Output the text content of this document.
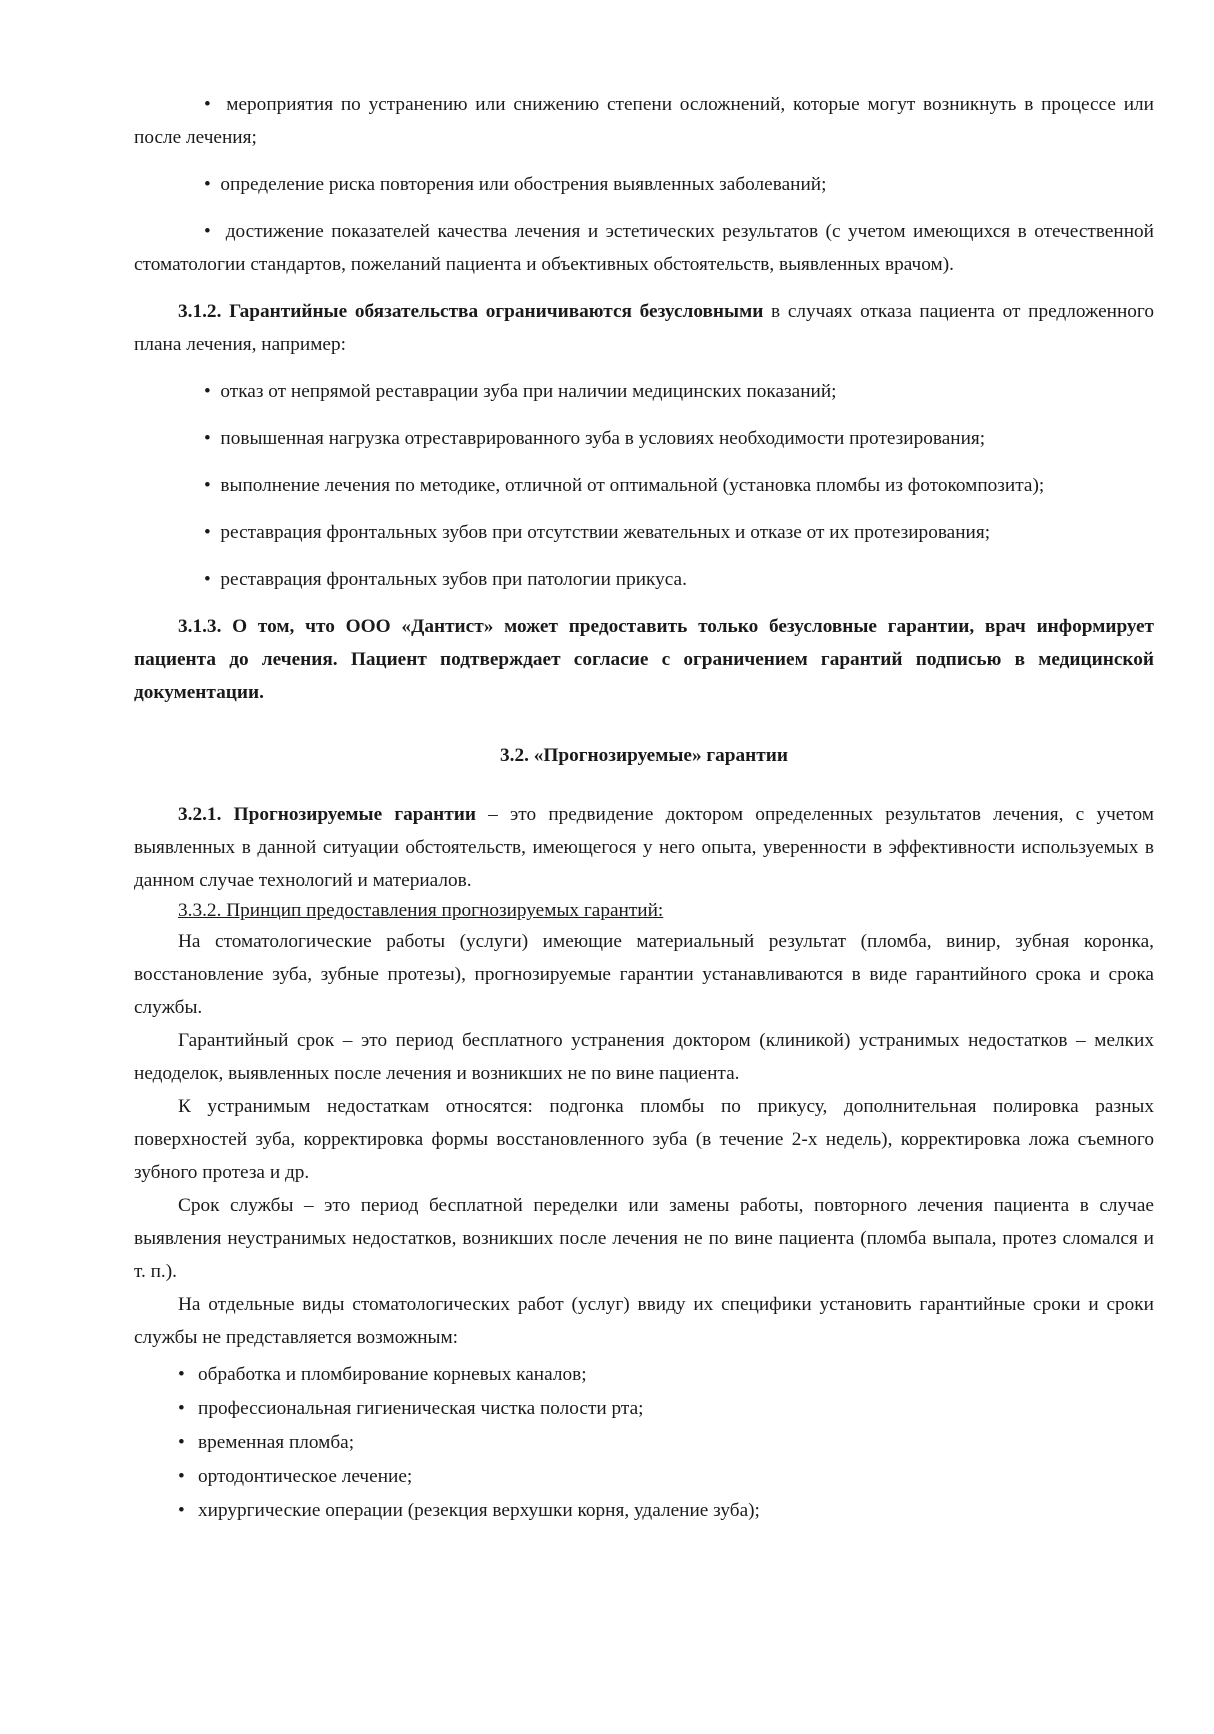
•  мероприятия по устранению или снижению степени осложнений, которые могут возникнуть в процессе или после лечения;

•  определение риска повторения или обострения выявленных заболеваний;

•  достижение показателей качества лечения и эстетических результатов (с учетом имеющихся в отечественной стоматологии стандартов, пожеланий пациента и объективных обстоятельств, выявленных врачом).

3.1.2. Гарантийные обязательства ограничиваются безусловными в случаях отказа пациента от предложенного плана лечения, например:

•  отказ от непрямой реставрации зуба при наличии медицинских показаний;

•  повышенная нагрузка отреставрированного зуба в условиях необходимости протезирования;

•  выполнение лечения по методике, отличной от оптимальной (установка пломбы из фотокомпозита);

•  реставрация фронтальных зубов при отсутствии жевательных и отказе от их протезирования;

•  реставрация фронтальных зубов при патологии прикуса.

3.1.3. О том, что ООО «Дантист» может предоставить только безусловные гарантии, врач информирует пациента до лечения. Пациент подтверждает согласие с ограничением гарантий подписью в медицинской документации.

3.2. «Прогнозируемые» гарантии

3.2.1. Прогнозируемые гарантии – это предвидение доктором определенных результатов лечения, с учетом выявленных в данной ситуации обстоятельств, имеющегося у него опыта, уверенности в эффективности используемых в данном случае технологий и материалов.

3.3.2. Принцип предоставления прогнозируемых гарантий:

На стоматологические работы (услуги) имеющие материальный результат (пломба, винир, зубная коронка, восстановление зуба, зубные протезы), прогнозируемые гарантии устанавливаются в виде гарантийного срока и срока службы.

Гарантийный срок – это период бесплатного устранения доктором (клиникой) устранимых недостатков – мелких недоделок, выявленных после лечения и возникших не по вине пациента.

К устранимым недостаткам относятся: подгонка пломбы по прикусу, дополнительная полировка разных поверхностей зуба, корректировка формы восстановленного зуба (в течение 2-х недель), корректировка ложа съемного зубного протеза и др.

Срок службы – это период бесплатной переделки или замены работы, повторного лечения пациента в случае выявления неустранимых недостатков, возникших после лечения не по вине пациента (пломба выпала, протез сломался и т. п.).

На отдельные виды стоматологических работ (услуг) ввиду их специфики установить гарантийные сроки и сроки службы не представляется возможным:

• обработка и пломбирование корневых каналов;
• профессиональная гигиеническая чистка полости рта;
• временная пломба;
• ортодонтическое лечение;
• хирургические операции (резекция верхушки корня, удаление зуба);
